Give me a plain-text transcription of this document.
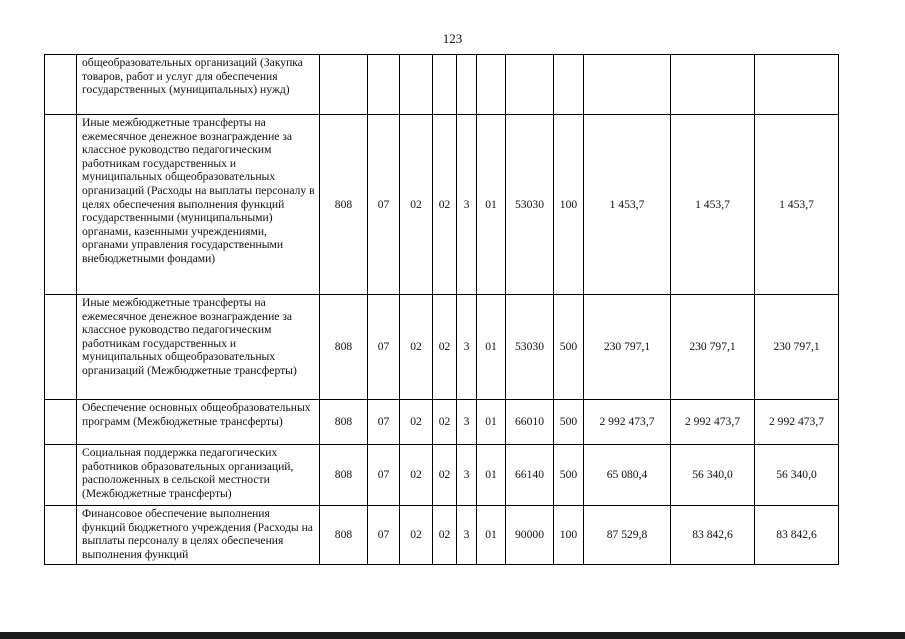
123
	общеобразовательных организаций (Закупка товаров, работ и услуг для обеспечения государственных (муниципальных) нужд)											
	Иные межбюджетные трансферты на ежемесячное денежное вознаграждение за классное руководство педагогическим работникам государственных и муниципальных общеобразовательных организаций (Расходы на выплаты персоналу в целях обеспечения выполнения функций государственными (муниципальными) органами, казенными учреждениями, органами управления государственными внебюджетными фондами)	808	07	02	02	3	01	53030	100	1 453,7	1 453,7	1 453,7
	Иные межбюджетные трансферты на ежемесячное денежное вознаграждение за классное руководство педагогическим работникам государственных и муниципальных общеобразовательных организаций (Межбюджетные трансферты)	808	07	02	02	3	01	53030	500	230 797,1	230 797,1	230 797,1
	Обеспечение основных общеобразовательных программ (Межбюджетные трансферты)	808	07	02	02	3	01	66010	500	2 992 473,7	2 992 473,7	2 992 473,7
	Социальная поддержка педагогических работников образовательных организаций, расположенных в сельской местности (Межбюджетные трансферты)	808	07	02	02	3	01	66140	500	65 080,4	56 340,0	56 340,0
	Финансовое обеспечение выполнения функций бюджетного учреждения (Расходы на выплаты персоналу в целях обеспечения выполнения функций	808	07	02	02	3	01	90000	100	87 529,8	83 842,6	83 842,6
